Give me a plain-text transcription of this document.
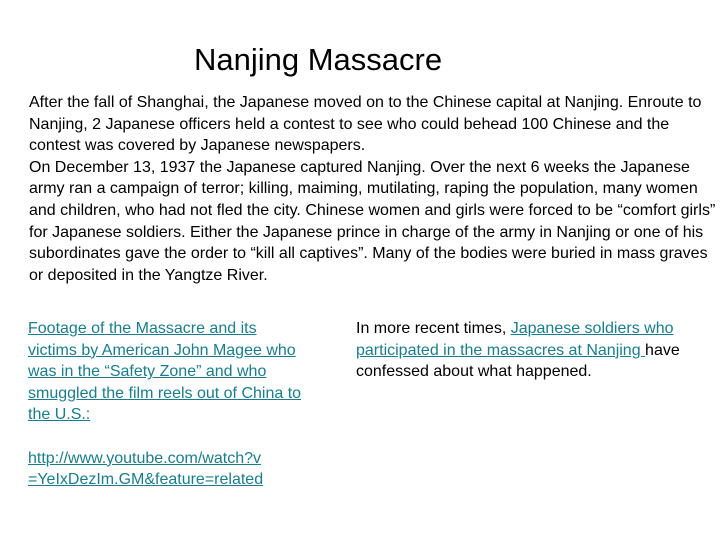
Nanjing Massacre

After the fall of Shanghai, the Japanese moved on to the Chinese capital at Nanjing. Enroute to Nanjing, 2 Japanese officers held a contest to see who could behead 100 Chinese and the contest was covered by Japanese newspapers.

On December 13, 1937 the Japanese captured Nanjing. Over the next 6 weeks the Japanese army ran a campaign of terror; killing, maiming, mutilating, raping the population, many women and children, who had not fled the city. Chinese women and girls were forced to be “comfort girls” for Japanese soldiers. Either the Japanese prince in charge of the army in Nanjing or one of his subordinates gave the order to “kill all captives”. Many of the bodies were buried in mass graves or deposited in the Yangtze River.

Footage of the Massacre and its victims by American John Magee who was in the “Safety Zone” and who smuggled the film reels out of China to the U.S.:

http://www.youtube.com/watch?v
=YeIxDezIm.GM&feature=related

In more recent times, Japanese soldiers who participated in the massacres at Nanjing have confessed about what happened.
